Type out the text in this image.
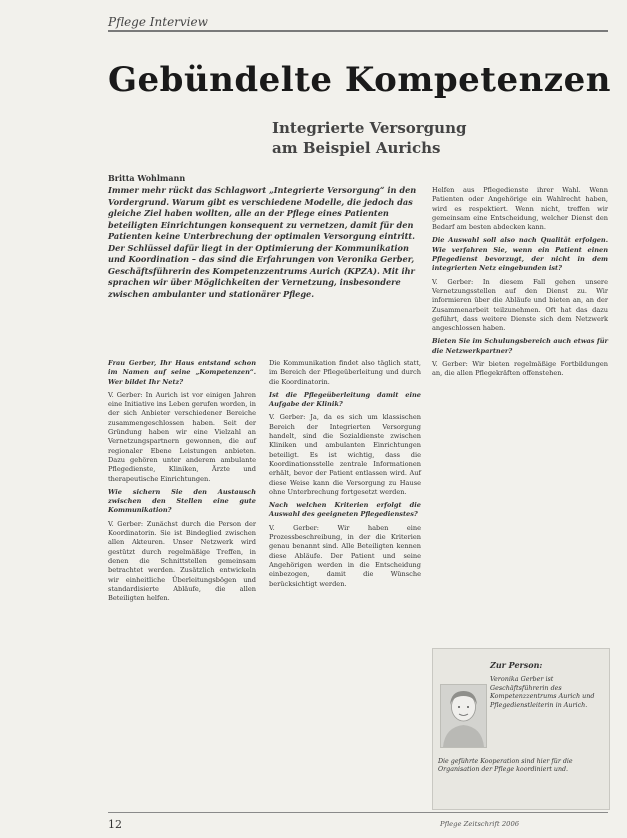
Pflege Interview
Gebündelte Kompetenzen
Integrierte Versorgung
am Beispiel Aurichs
Britta Wohlmann
Immer mehr rückt das Schlagwort „Integrierte Versorgung“ in den Vordergrund. Warum gibt es verschiedene Modelle, die jedoch das gleiche Ziel haben wollten, alle an der Pflege eines Patienten beteiligten Einrichtungen konsequent zu vernetzen, damit für den Patienten keine Unterbrechung der optimalen Versorgung eintritt. Der Schlüssel dafür liegt in der Optimierung der Kommunikation und Koordination – das sind die Erfahrungen von Veronika Gerber, Geschäftsführerin des Kompetenzzentrums Aurich (KPZA). Mit ihr sprachen wir über Möglichkeiten der Vernetzung, insbesondere zwischen ambulanter und stationärer Pflege.

Frau Gerber, Ihr Haus entstand schon im Namen auf seine „Kompetenzen“. Wer bildet Ihr Netz?

V. Gerber: In Aurich ist vor einigen Jahren eine Initiative ins Leben gerufen worden, in der sich Anbieter verschiedener Bereiche zusammengeschlossen haben. Seit der Gründung haben wir eine Vielzahl an Vernetzungspartnern gewonnen, die auf regionaler Ebene Leistungen anbieten. Dazu gehören unter anderem ambulante Pflegedienste, Kliniken, Ärzte und therapeutische Einrichtungen.

Wie sichern Sie den Austausch zwischen den Stellen eine gute Kommunikation?

V. Gerber: Zunächst durch die Person der Koordinatorin. Sie ist Bindeglied zwischen allen Akteuren. Unser Netzwerk wird gestützt durch regelmäßige Treffen, in denen die Schnittstellen gemeinsam betrachtet werden. Zusätzlich entwickeln wir einheitliche Überleitungsbögen und standardisierte Abläufe, die allen Beteiligten helfen.

Die Kommunikation findet also täglich statt, im Bereich der Pflegeüberleitung und durch die Koordinatorin.

Ist die Pflegeüberleitung damit eine Aufgabe der Klinik?

V. Gerber: Ja, da es sich um klassischen Bereich der Integrierten Versorgung handelt, sind die Sozialdienste zwischen Kliniken und ambulanten Einrichtungen beteiligt. Es ist wichtig, dass die Koordinationsstelle zentrale Informationen erhält, bevor der Patient entlassen wird. Auf diese Weise kann die Versorgung zu Hause ohne Unterbrechung fortgesetzt werden.

Nach welchen Kriterien erfolgt die Auswahl des geeigneten Pflegedienstes?

V. Gerber: Wir haben eine Prozessbeschreibung, in der die Kriterien genau benannt sind. Alle Beteiligten kennen diese Abläufe. Der Patient und seine Angehörigen werden in die Entscheidung einbezogen, damit die Wünsche berücksichtigt werden.

Helfen aus Pflegedienste ihrer Wahl. Wenn Patienten oder Angehörige ein Wahlrecht haben, wird es respektiert. Wenn nicht, treffen wir gemeinsam eine Entscheidung, welcher Dienst den Bedarf am besten abdecken kann.

Die Auswahl soll also nach Qualität erfolgen. Wie verfahren Sie, wenn ein Patient einen Pflegedienst bevorzugt, der nicht in dem integrierten Netz eingebunden ist?

V. Gerber: In diesem Fall gehen unsere Vernetzungsstellen auf den Dienst zu. Wir informieren über die Abläufe und bieten an, an der Zusammenarbeit teilzunehmen. Oft hat das dazu geführt, dass weitere Dienste sich dem Netzwerk angeschlossen haben.

Bieten Sie im Schulungsbereich auch etwas für die Netzwerkpartner?

V. Gerber: Wir bieten regelmäßige Fortbildungen an, die allen Pflegekräften offenstehen.

Zur Person:
Veronika Gerber ist Geschäftsführerin des Kompetenzzentrums Aurich und Pflegedienstleiterin in Aurich.
Die geführte Kooperation sind hier für die Organisation der Pflege koordiniert und.
12	Pflege Zeitschrift 2006
